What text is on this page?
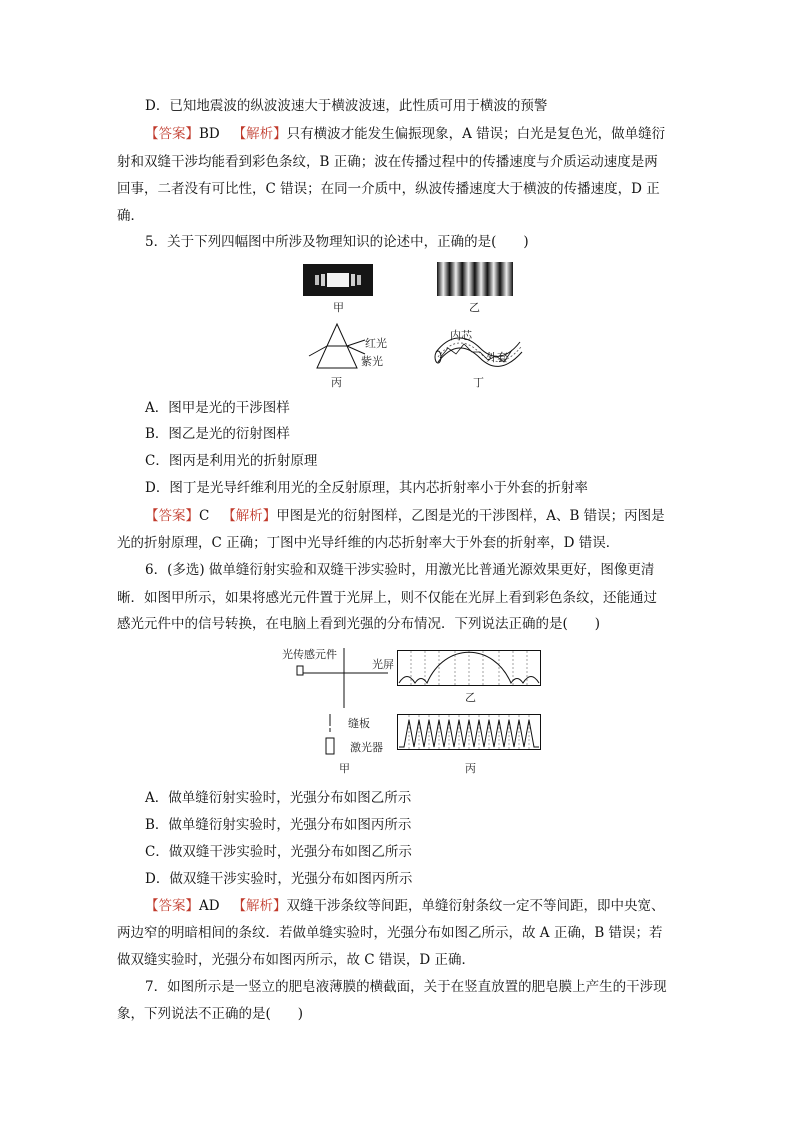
D．已知地震波的纵波波速大于横波波速，此性质可用于横波的预警
【答案】BD 【解析】只有横波才能发生偏振现象，A 错误；白光是复色光，做单缝衍
射和双缝干涉均能看到彩色条纹，B 正确；波在传播过程中的传播速度与介质运动速度是两
回事，二者没有可比性，C 错误；在同一介质中，纵波传播速度大于横波的传播速度，D 正
确．
5．关于下列四幅图中所涉及物理知识的论述中，正确的是(　　)
甲	乙
红光
紫光
丙
内芯
外套
丁
A．图甲是光的干涉图样
B．图乙是光的衍射图样
C．图丙是利用光的折射原理
D．图丁是光导纤维利用光的全反射原理，其内芯折射率小于外套的折射率
【答案】C 【解析】甲图是光的衍射图样，乙图是光的干涉图样，A、B 错误；丙图是
光的折射原理，C 正确；丁图中光导纤维的内芯折射率大于外套的折射率，D 错误．
6．(多选) 做单缝衍射实验和双缝干涉实验时，用激光比普通光源效果更好，图像更清
晰．如图甲所示，如果将感光元件置于光屏上，则不仅能在光屏上看到彩色条纹，还能通过
感光元件中的信号转换，在电脑上看到光强的分布情况．下列说法正确的是(　　)
光传感元件
光屏
缝板
激光器
甲
乙
丙
A．做单缝衍射实验时，光强分布如图乙所示
B．做单缝衍射实验时，光强分布如图丙所示
C．做双缝干涉实验时，光强分布如图乙所示
D．做双缝干涉实验时，光强分布如图丙所示
【答案】AD 【解析】双缝干涉条纹等间距，单缝衍射条纹一定不等间距，即中央宽、
两边窄的明暗相间的条纹．若做单缝实验时，光强分布如图乙所示，故 A 正确，B 错误；若
做双缝实验时，光强分布如图丙所示，故 C 错误，D 正确．
7．如图所示是一竖立的肥皂液薄膜的横截面，关于在竖直放置的肥皂膜上产生的干涉现
象，下列说法不正确的是(　　)
